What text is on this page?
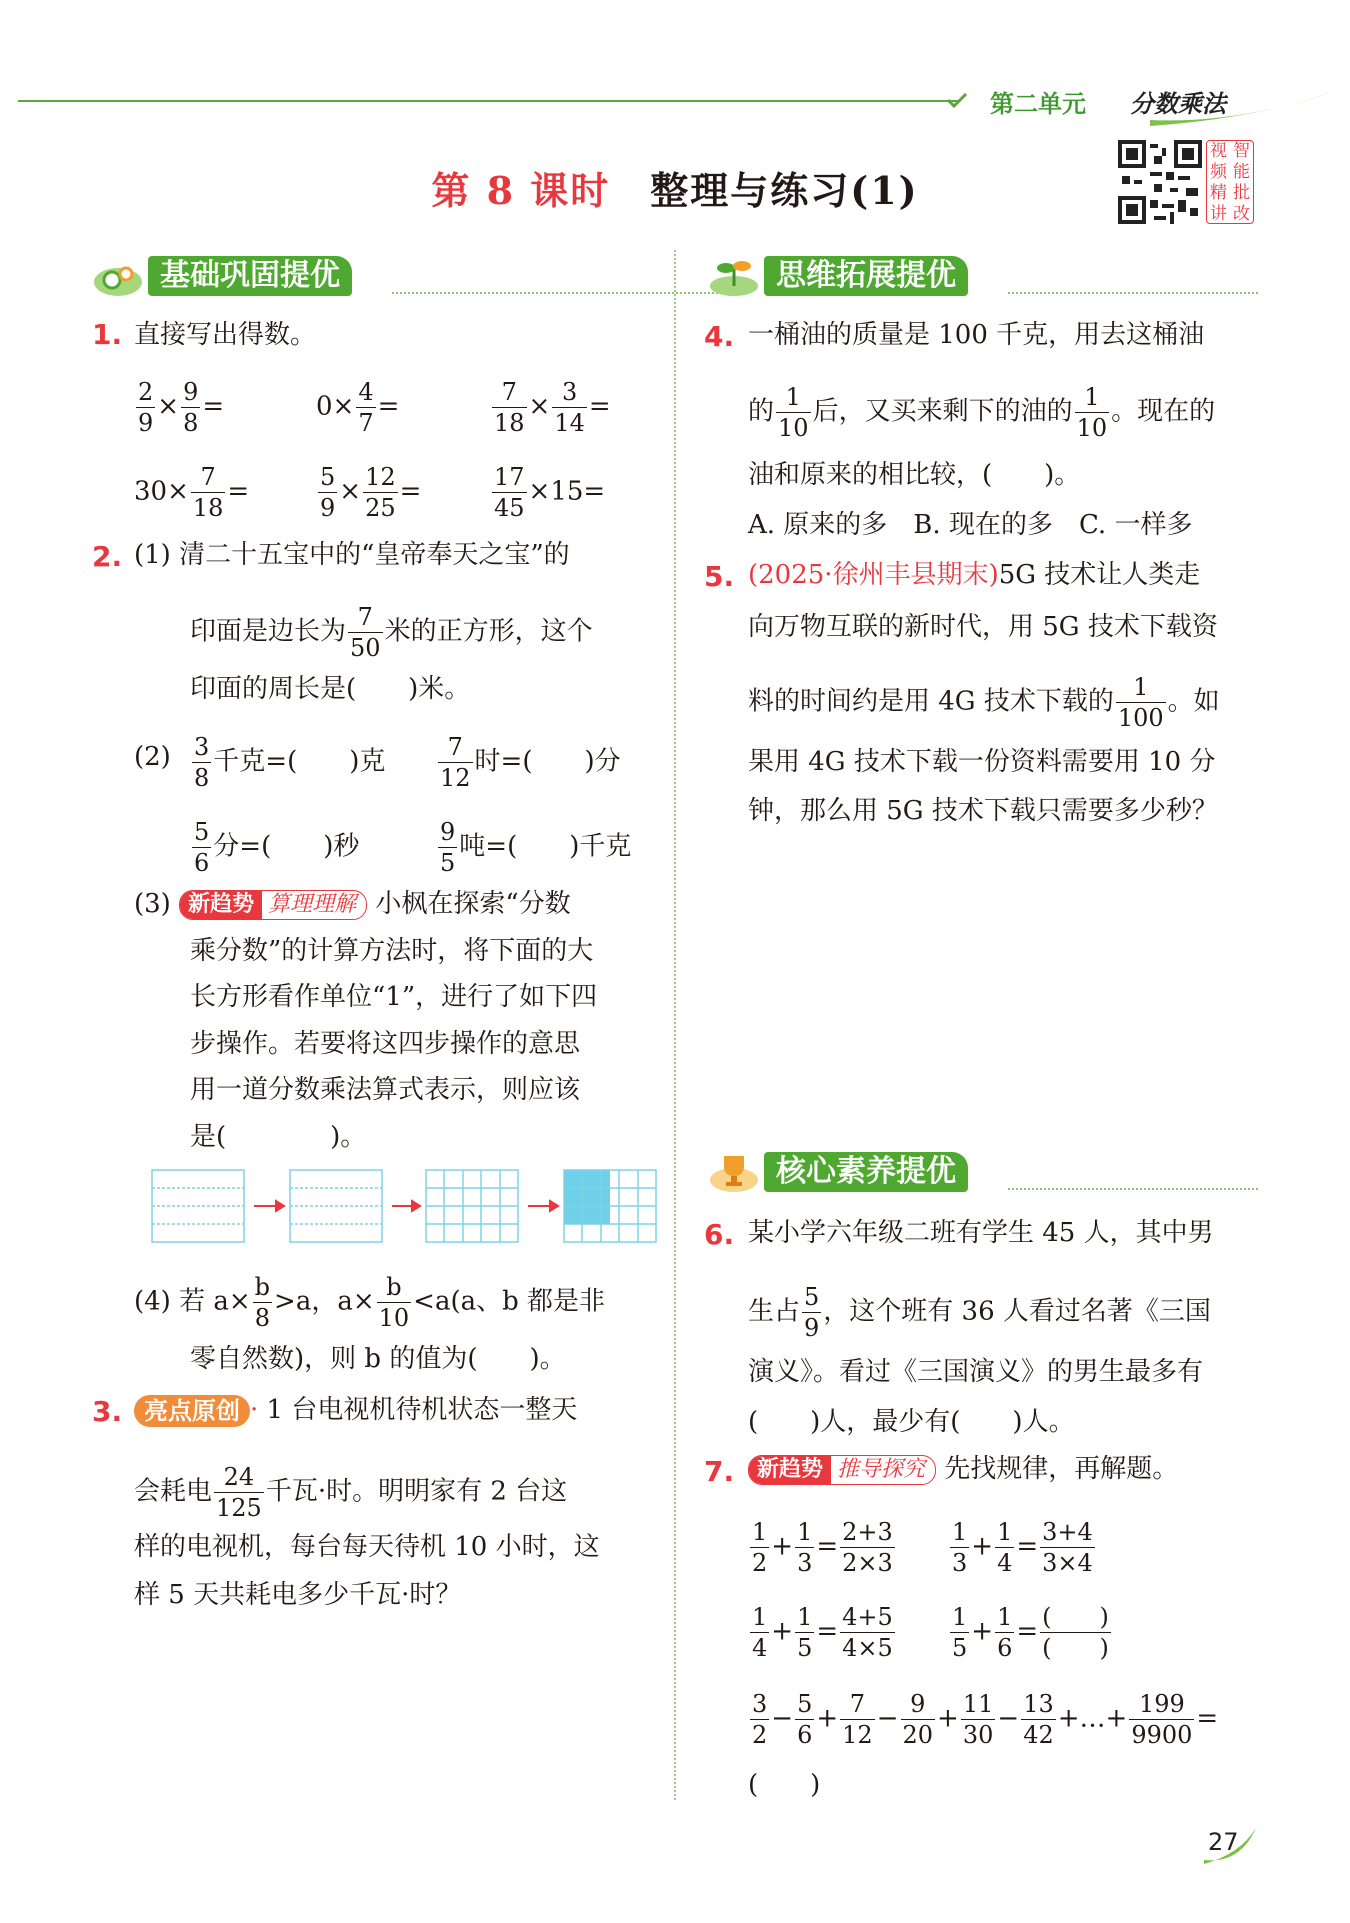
第二单元 分数乘法
第 8 课时 整理与练习(1)
视 智
频 能
精 批
讲 改
基础巩固提优
1. 直接写出得数。
$\frac{2}{9} \times \frac{9}{8}$ =	$0\times \frac{4}{7}$ =	$\frac{7}{18} \times \frac{3}{14}$ =
$30\times \frac{7}{18}$ =	$\frac{5}{9} \times \frac{12}{25}$ =	$\frac{17}{45} \times 15=$
2. (1) 清二十五宝中的“皇帝奉天之宝”的
印面是边长为 $\frac{7}{50}$ 米的正方形，这个
印面的周长是(　　)米。
$(2) \frac{3}{8}$ 千克=(　　)克 $\frac{7}{12}$ 时=(　　)分
$\frac{5}{6}$ 分=(　　)秒	$\frac{9}{5}$ 吨=(　　)千克
(3) 新趋势 算理理解 小枫在探索“分数
乘分数”的计算方法时，将下面的大
长方形看作单位“1”，进行了如下四
步操作。若要将这四步操作的意思
用一道分数乘法算式表示，则应该
是(　　　　)。
(4) 若 $a\times \frac{b}{8} >a$，$a\times \frac{b}{10} <a(a$、b 都是非
零自然数)，则 b 的值为(　　)。
3. 亮点原创 · 1 台电视机待机状态一整天
会耗电 $\frac{24}{125}$ 千瓦·时。明明家有 2 台这
样的电视机，每台每天待机 10 小时，这
样 5 天共耗电多少千瓦·时？
思维拓展提优
4. 一桶油的质量是 100 千克，用去这桶油
的 $\frac{1}{10}$ 后，又买来剩下的油的 $\frac{1}{10}$ 。现在的
油和原来的相比较，(　　)。
A. 原来的多　B. 现在的多　C. 一样多
5. (2025·徐州丰县期末)5G 技术让人类走
向万物互联的新时代，用 5G 技术下载资
料的时间约是用 4G 技术下载的 $\frac{1}{100}$ 。如
果用 4G 技术下载一份资料需要用 10 分
钟，那么用 5G 技术下载只需要多少秒？
核心素养提优
6. 某小学六年级二班有学生 45 人，其中男
生占 $\frac{5}{9}$ ，这个班有 36 人看过名著《三国
演义》。看过《三国演义》的男生最多有
(　　)人，最少有(　　)人。
7.	新趋势 推导探究 先找规律，再解题。
$\frac{1}{2} + \frac{1}{3} = \frac{2+3}{2\times 3} \frac{1}{3} + \frac{1}{4} = \frac{3+4}{3\times 4}$
$\frac{1}{4} + \frac{1}{5} = \frac{4+5}{4\times 5} \frac{1}{5} + \frac{1}{6} = \frac{( )}{( )}$
$\frac{3}{2} - \frac{5}{6} + \frac{7}{12} - \frac{9}{20} + \frac{11}{30} - \frac{13}{42}$ +…+ $\frac{199}{9900}$ =
(　　)
27
